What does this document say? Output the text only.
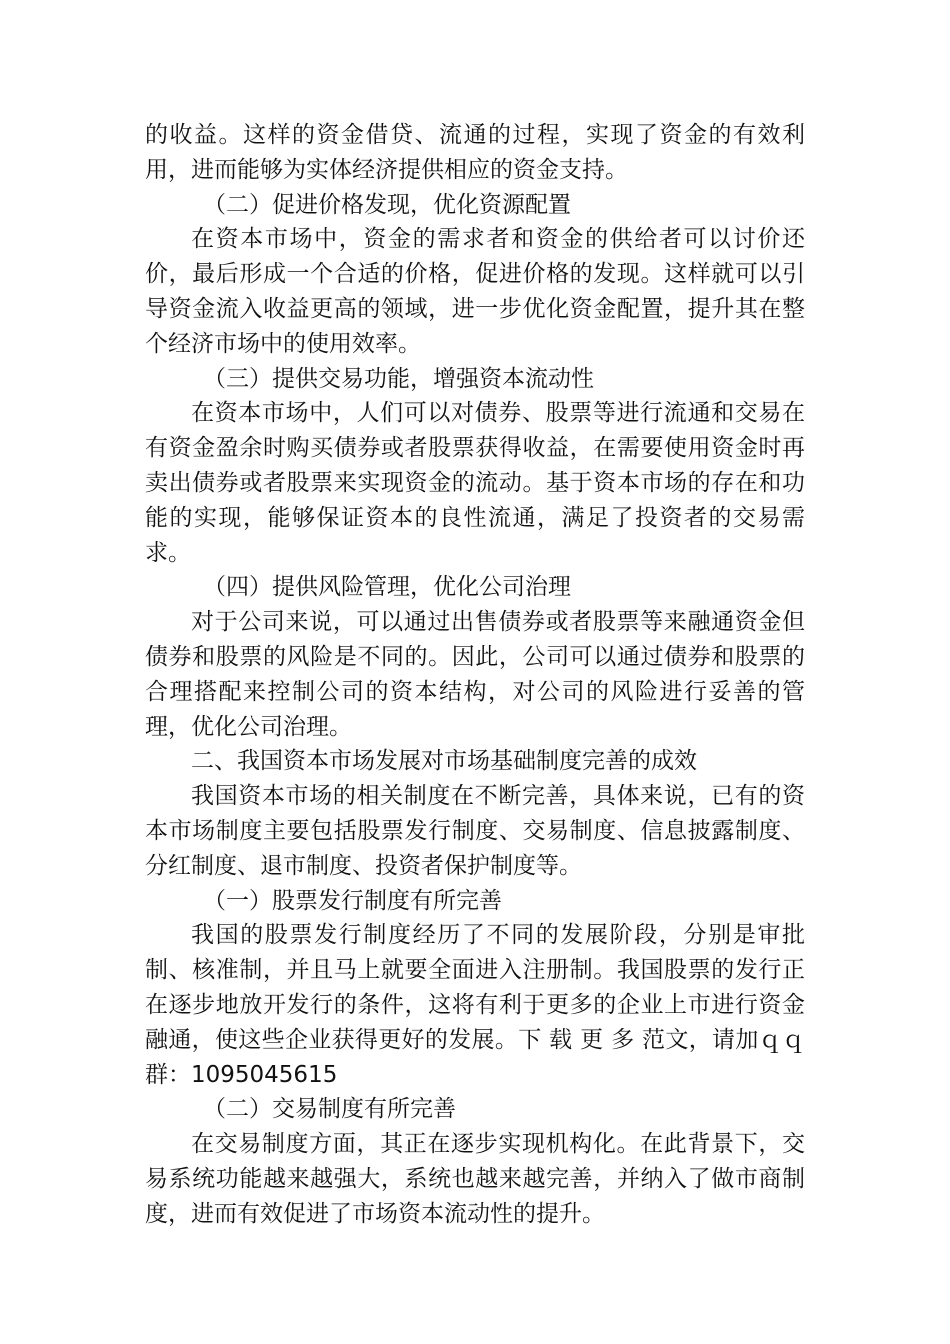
的收益。这样的资金借贷、流通的过程，实现了资金的有效利用，进而能够为实体经济提供相应的资金支持。

（二）促进价格发现，优化资源配置

在资本市场中，资金的需求者和资金的供给者可以讨价还价，最后形成一个合适的价格，促进价格的发现。这样就可以引导资金流入收益更高的领域，进一步优化资金配置，提升其在整个经济市场中的使用效率。

（三）提供交易功能，增强资本流动性

在资本市场中，人们可以对债券、股票等进行流通和交易在有资金盈余时购买债券或者股票获得收益，在需要使用资金时再卖出债券或者股票来实现资金的流动。基于资本市场的存在和功能的实现，能够保证资本的良性流通，满足了投资者的交易需求。

（四）提供风险管理，优化公司治理

对于公司来说，可以通过出售债券或者股票等来融通资金但债券和股票的风险是不同的。因此，公司可以通过债券和股票的合理搭配来控制公司的资本结构，对公司的风险进行妥善的管理，优化公司治理。

二、我国资本市场发展对市场基础制度完善的成效

我国资本市场的相关制度在不断完善，具体来说，已有的资本市场制度主要包括股票发行制度、交易制度、信息披露制度、分红制度、退市制度、投资者保护制度等。

（一）股票发行制度有所完善

我国的股票发行制度经历了不同的发展阶段，分别是审批制、核准制，并且马上就要全面进入注册制。我国股票的发行正在逐步地放开发行的条件，这将有利于更多的企业上市进行资金融通，使这些企业获得更好的发展。下 载 更 多 范文，请加ｑｑ群：1095045615

（二）交易制度有所完善

在交易制度方面，其正在逐步实现机构化。在此背景下，交易系统功能越来越强大，系统也越来越完善，并纳入了做市商制度，进而有效促进了市场资本流动性的提升。
